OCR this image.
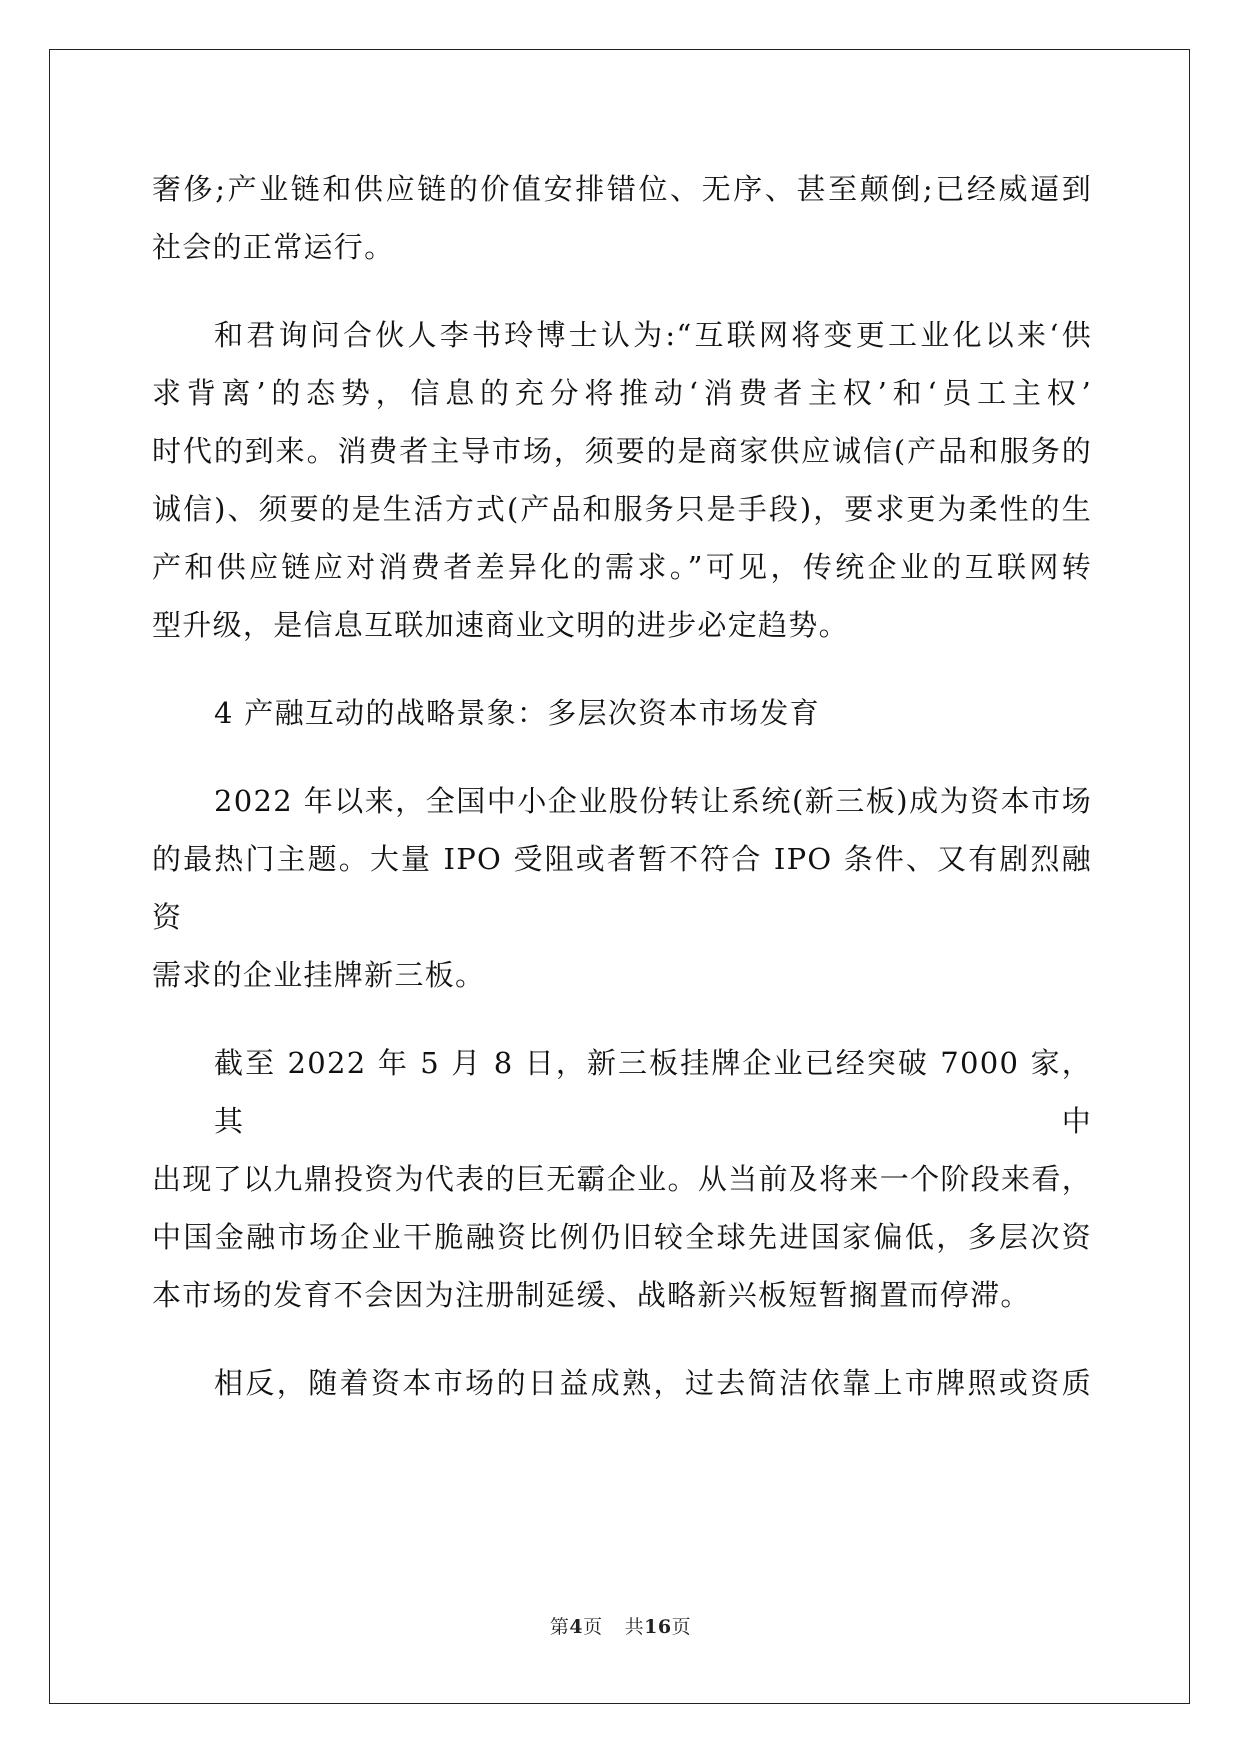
奢侈;产业链和供应链的价值安排错位、无序、甚至颠倒;已经威逼到
社会的正常运行。
和君询问合伙人李书玲博士认为:“互联网将变更工业化以来‘供
求背离’的态势，信息的充分将推动‘消费者主权’和‘员工主权’
时代的到来。消费者主导市场，须要的是商家供应诚信(产品和服务的
诚信)、须要的是生活方式(产品和服务只是手段)，要求更为柔性的生
产和供应链应对消费者差异化的需求。”可见，传统企业的互联网转
型升级，是信息互联加速商业文明的进步必定趋势。
4 产融互动的战略景象：多层次资本市场发育
2022 年以来，全国中小企业股份转让系统(新三板)成为资本市场
的最热门主题。大量 IPO 受阻或者暂不符合 IPO 条件、又有剧烈融资
需求的企业挂牌新三板。
截至 2022 年 5 月 8 日，新三板挂牌企业已经突破 7000 家，其中
出现了以九鼎投资为代表的巨无霸企业。从当前及将来一个阶段来看，
中国金融市场企业干脆融资比例仍旧较全球先进国家偏低，多层次资
本市场的发育不会因为注册制延缓、战略新兴板短暂搁置而停滞。
相反，随着资本市场的日益成熟，过去简洁依靠上市牌照或资质
第4页 共16页
